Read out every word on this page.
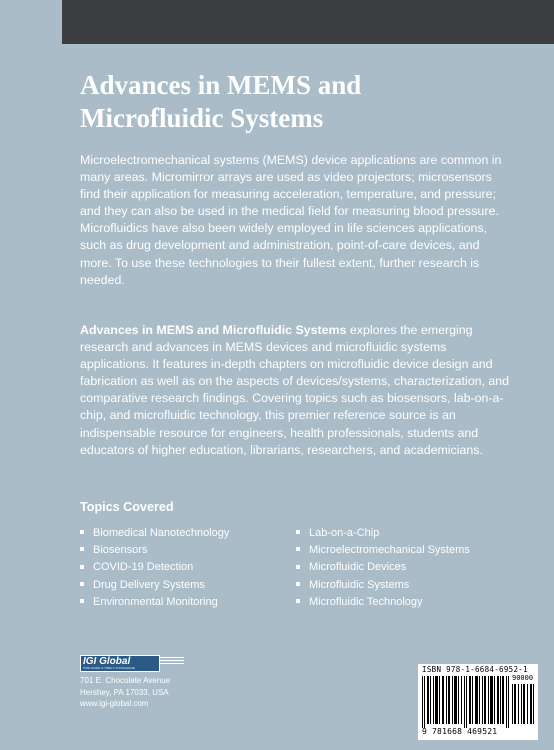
Advances in MEMS and
Microfluidic Systems

Microelectromechanical systems (MEMS) device applications are common in many areas. Micromirror arrays are used as video projectors; microsensors find their application for measuring acceleration, temperature, and pressure; and they can also be used in the medical field for measuring blood pressure. Microfluidics have also been widely employed in life sciences applications, such as drug development and administration, point-of-care devices, and more. To use these technologies to their fullest extent, further research is needed.

Advances in MEMS and Microfluidic Systems explores the emerging research and advances in MEMS devices and microfluidic systems applications. It features in-depth chapters on microfluidic device design and fabrication as well as on the aspects of devices/systems, characterization, and comparative research findings. Covering topics such as biosensors, lab-on-a-chip, and microfluidic technology, this premier reference source is an indispensable resource for engineers, health professionals, students and educators of higher education, librarians, researchers, and academicians.

Topics Covered
Biomedical Nanotechnology
Biosensors
COVID-19 Detection
Drug Delivery Systems
Environmental Monitoring
Lab-on-a-Chip
Microelectromechanical Systems
Microfluidic Devices
Microfluidic Systems
Microfluidic Technology
IGI Global
PUBLISHER of TIMELY KNOWLEDGE
701 E. Chocolate Avenue
Hershey, PA 17033, USA
www.igi-global.com
ISBN 978-1-6684-6952-1
90000
9 781668 469521
